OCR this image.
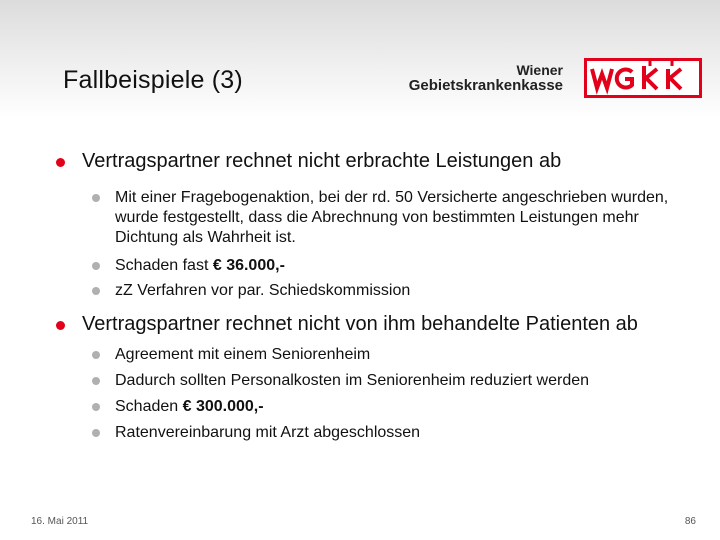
Fallbeispiele (3)	Wiener
Gebietskrankenkasse
Vertragspartner rechnet nicht erbrachte Leistungen ab
Mit einer Fragebogenaktion, bei der rd. 50 Versicherte angeschrieben wurden, wurde festgestellt, dass die Abrechnung von bestimmten Leistungen mehr Dichtung als Wahrheit ist.
Schaden fast € 36.000,-
zZ Verfahren vor par. Schiedskommission
Vertragspartner rechnet nicht von ihm behandelte Patienten ab
Agreement mit einem Seniorenheim
Dadurch sollten Personalkosten im Seniorenheim reduziert werden
Schaden € 300.000,-
Ratenvereinbarung mit Arzt abgeschlossen
16. Mai 2011	86
